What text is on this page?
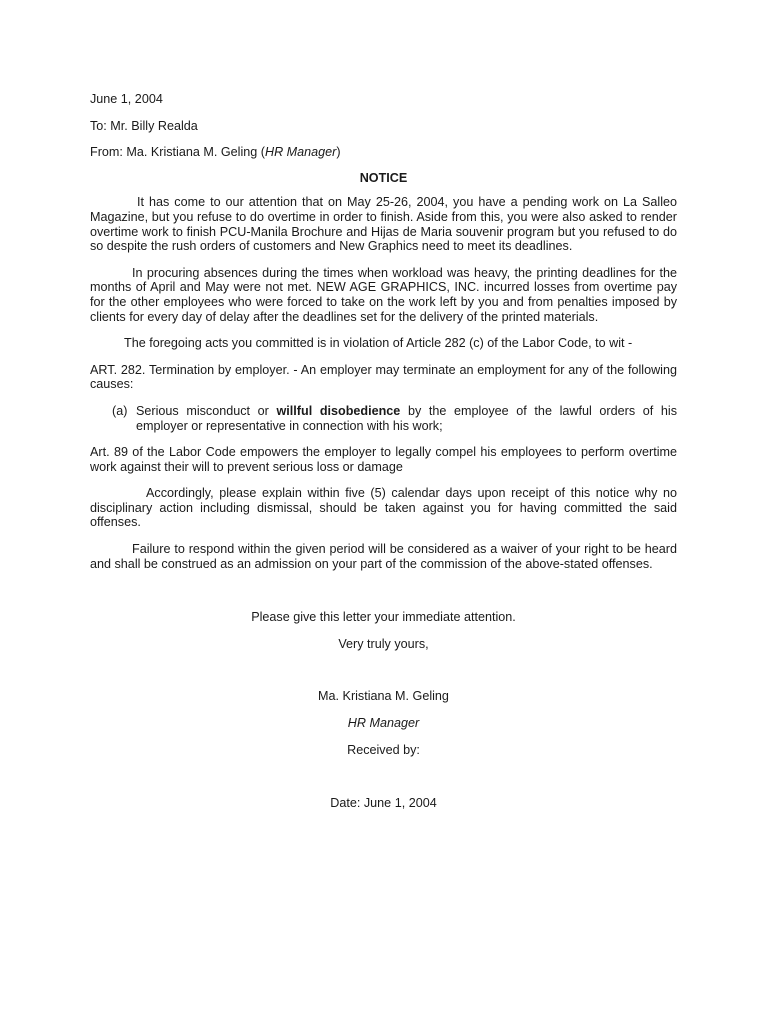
June 1, 2004
To: Mr. Billy Realda
From: Ma. Kristiana M. Geling (HR Manager)
NOTICE

It has come to our attention that on May 25-26, 2004, you have a pending work on La Salleo Magazine, but you refuse to do overtime in order to finish. Aside from this, you were also asked to render overtime work to finish PCU-Manila Brochure and Hijas de Maria souvenir program but you refused to do so despite the rush orders of customers and New Graphics need to meet its deadlines.

In procuring absences during the times when workload was heavy, the printing deadlines for the months of April and May were not met. NEW AGE GRAPHICS, INC. incurred losses from overtime pay for the other employees who were forced to take on the work left by you and from penalties imposed by clients for every day of delay after the deadlines set for the delivery of the printed materials.

The foregoing acts you committed is in violation of Article 282 (c) of the Labor Code, to wit -

ART. 282. Termination by employer. - An employer may terminate an employment for any of the following causes:

(a) Serious misconduct or willful disobedience by the employee of the lawful orders of his employer or representative in connection with his work;

Art. 89 of the Labor Code empowers the employer to legally compel his employees to perform overtime work against their will to prevent serious loss or damage

Accordingly, please explain within five (5) calendar days upon receipt of this notice why no disciplinary action including dismissal, should be taken against you for having committed the said offenses.

Failure to respond within the given period will be considered as a waiver of your right to be heard and shall be construed as an admission on your part of the commission of the above-stated offenses.

Please give this letter your immediate attention.
Very truly yours,
Ma. Kristiana M. Geling
HR Manager
Received by:
Date: June 1, 2004
